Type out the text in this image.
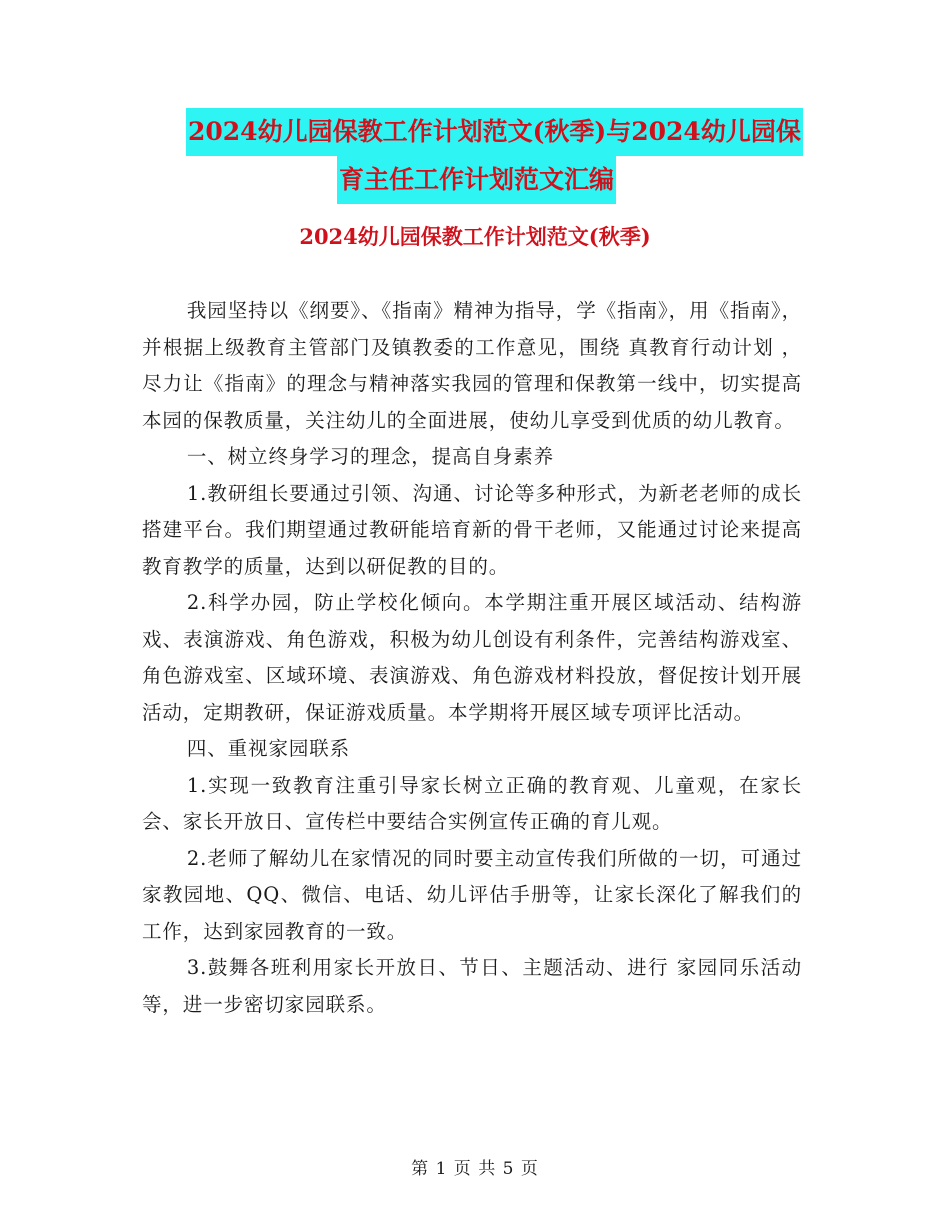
2024幼儿园保教工作计划范文(秋季)与2024幼儿园保
育主任工作计划范文汇编
2024幼儿园保教工作计划范文(秋季)

我园坚持以《纲要》、《指南》精神为指导，学《指南》，用《指南》，并根据上级教育主管部门及镇教委的工作意见，围绕 真教育行动计划 ，尽力让《指南》的理念与精神落实我园的管理和保教第一线中，切实提高本园的保教质量，关注幼儿的全面进展，使幼儿享受到优质的幼儿教育。

一、树立终身学习的理念，提高自身素养

1.教研组长要通过引领、沟通、讨论等多种形式，为新老老师的成长搭建平台。我们期望通过教研能培育新的骨干老师，又能通过讨论来提高教育教学的质量，达到以研促教的目的。

2.科学办园，防止学校化倾向。本学期注重开展区域活动、结构游戏、表演游戏、角色游戏，积极为幼儿创设有利条件，完善结构游戏室、角色游戏室、区域环境、表演游戏、角色游戏材料投放，督促按计划开展活动，定期教研，保证游戏质量。本学期将开展区域专项评比活动。

四、重视家园联系

1.实现一致教育注重引导家长树立正确的教育观、儿童观，在家长会、家长开放日、宣传栏中要结合实例宣传正确的育儿观。

2.老师了解幼儿在家情况的同时要主动宣传我们所做的一切，可通过家教园地、QQ、微信、电话、幼儿评估手册等，让家长深化了解我们的工作，达到家园教育的一致。

3.鼓舞各班利用家长开放日、节日、主题活动、进行 家园同乐活动等，进一步密切家园联系。

第 1 页 共 5 页
